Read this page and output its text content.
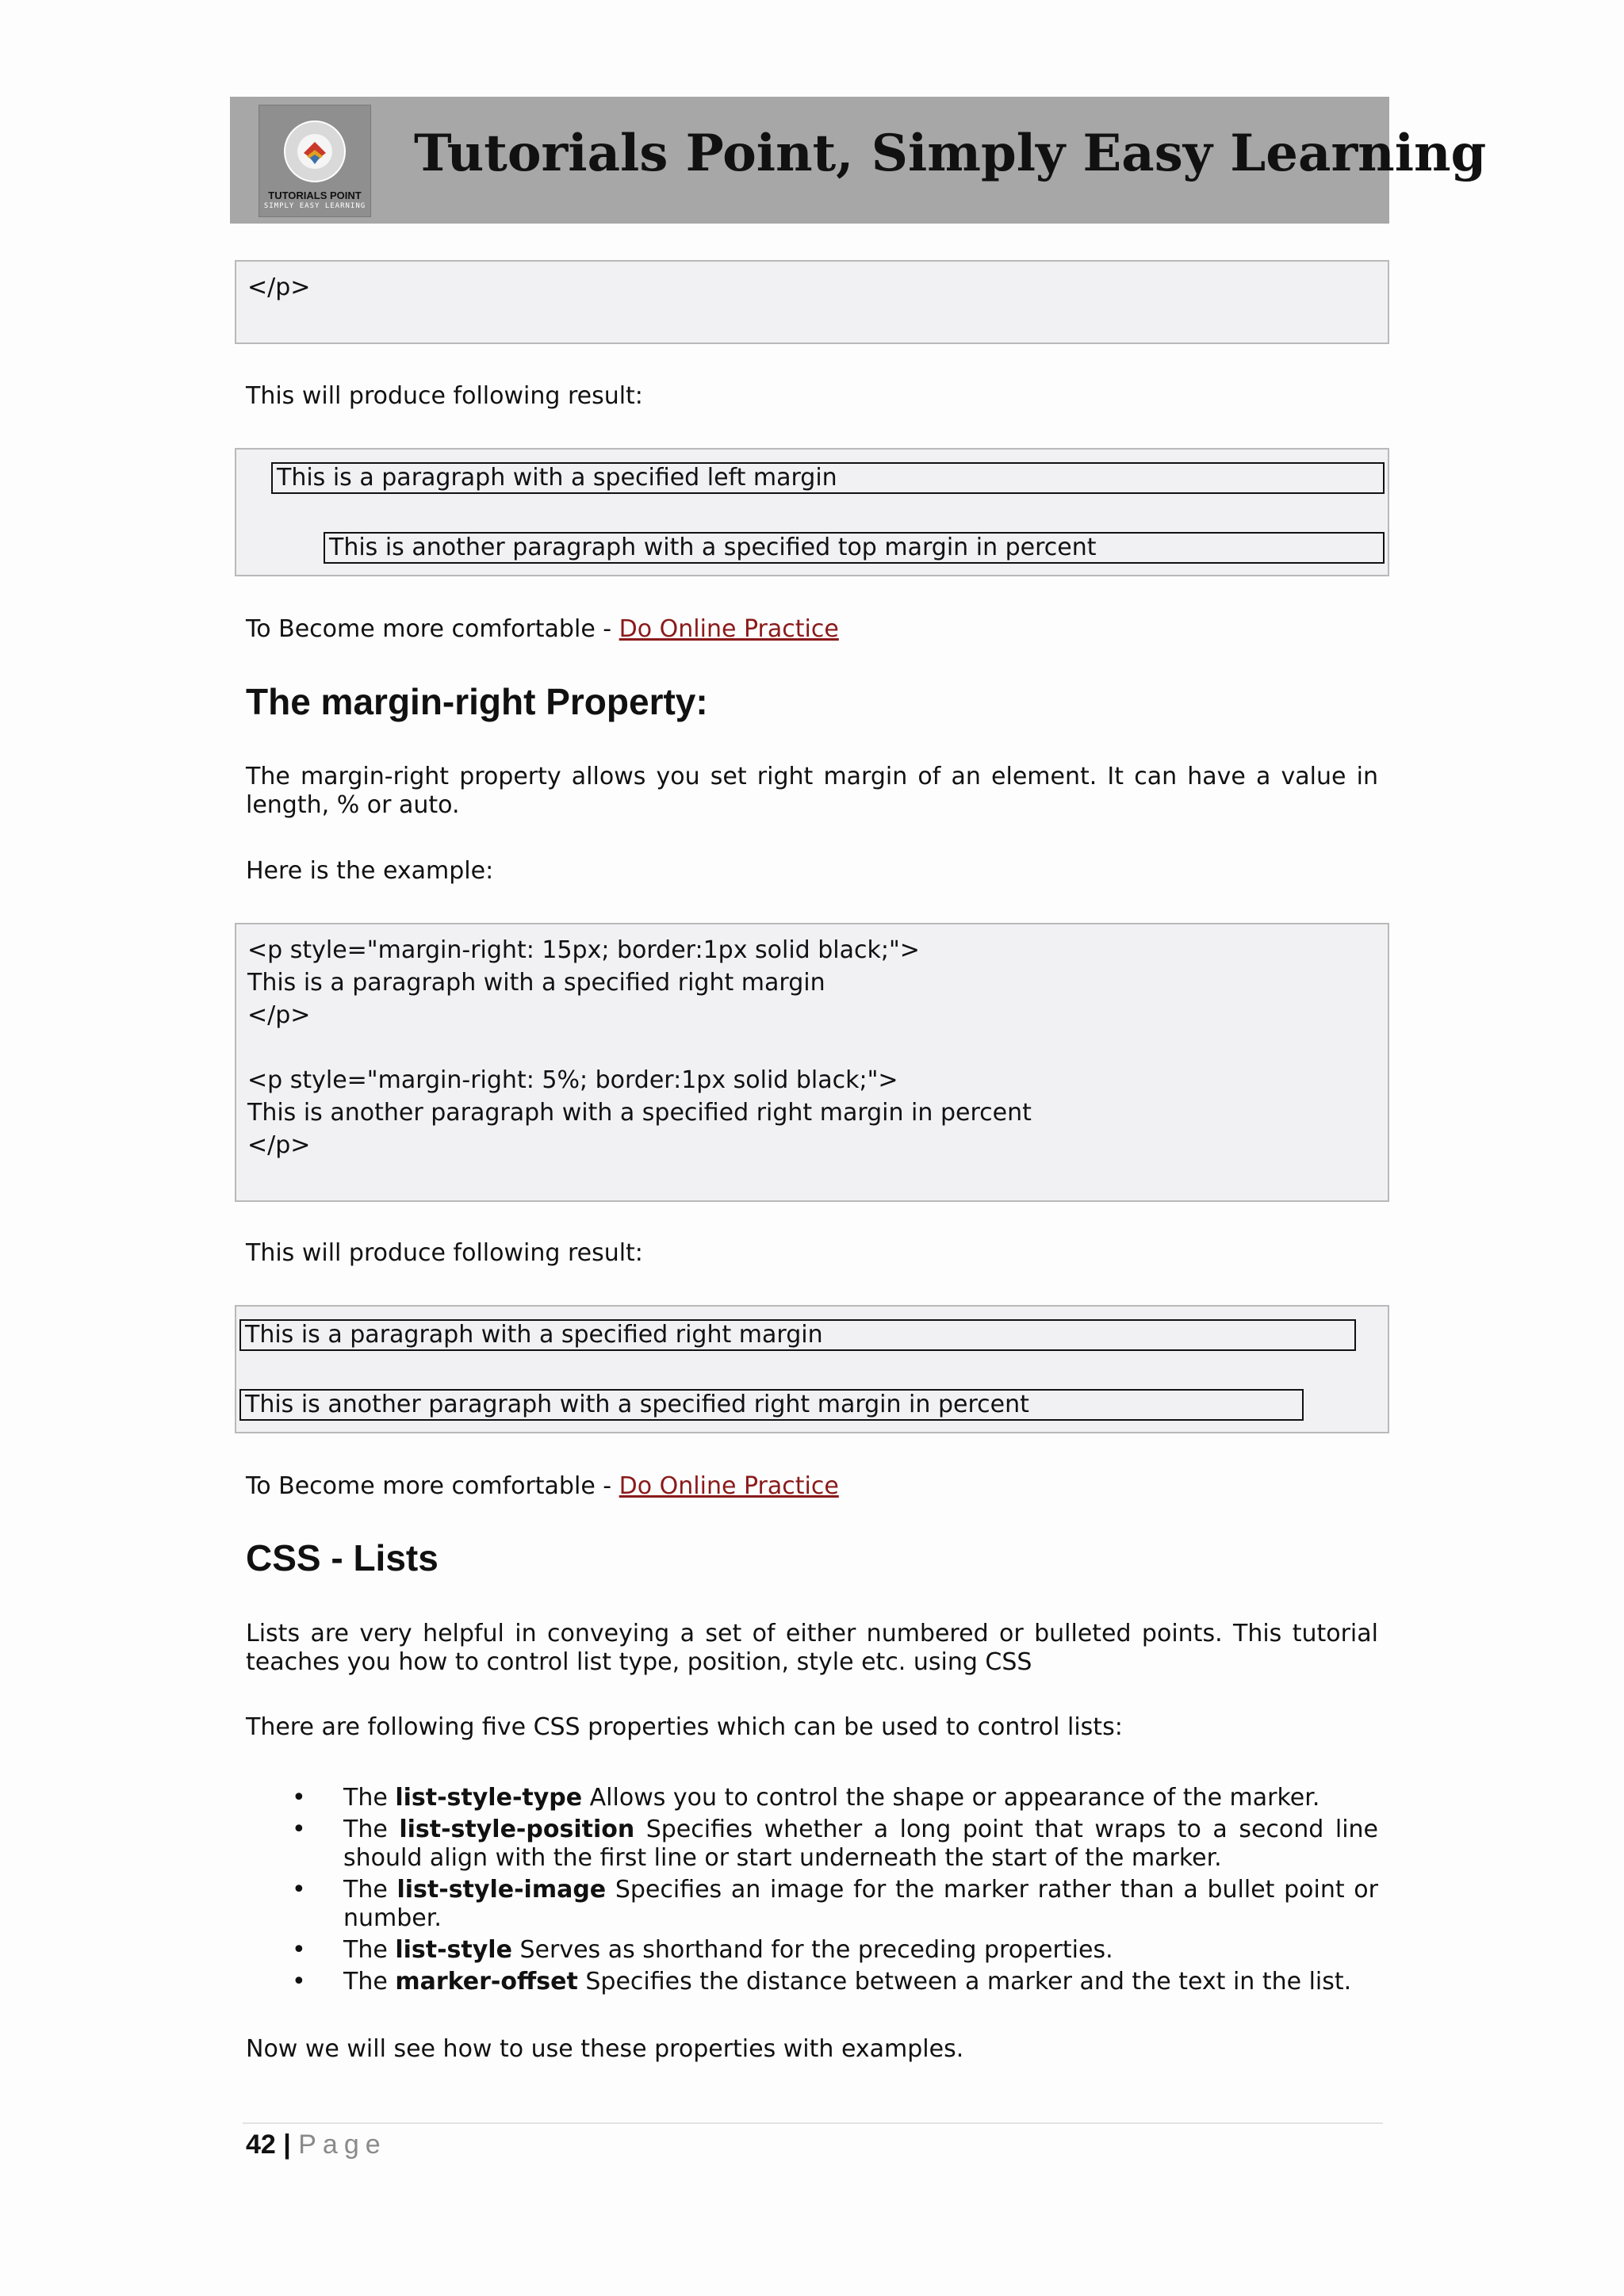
TUTORIALS POINT
SIMPLY EASY LEARNING
Tutorials Point, Simply Easy Learning
</p>
This will produce following result:
This is a paragraph with a specified left margin
This is another paragraph with a specified top margin in percent
To Become more comfortable - Do Online Practice
The margin-right Property:
The margin-right property allows you set right margin of an element. It can have a value in length, % or auto.
Here is the example:
<p style="margin-right: 15px; border:1px solid black;">
This is a paragraph with a specified right margin
</p>
<p style="margin-right: 5%; border:1px solid black;">
This is another paragraph with a specified right margin in percent
</p>
This will produce following result:
This is a paragraph with a specified right margin
This is another paragraph with a specified right margin in percent
To Become more comfortable - Do Online Practice
CSS - Lists
Lists are very helpful in conveying a set of either numbered or bulleted points. This tutorial teaches you how to control list type, position, style etc. using CSS
There are following five CSS properties which can be used to control lists:
• The list-style-type Allows you to control the shape or appearance of the marker.
• The list-style-position Specifies whether a long point that wraps to a second line should align with the first line or start underneath the start of the marker.
• The list-style-image Specifies an image for the marker rather than a bullet point or number.
• The list-style Serves as shorthand for the preceding properties.
• The marker-offset Specifies the distance between a marker and the text in the list.
Now we will see how to use these properties with examples.
42 | Page
